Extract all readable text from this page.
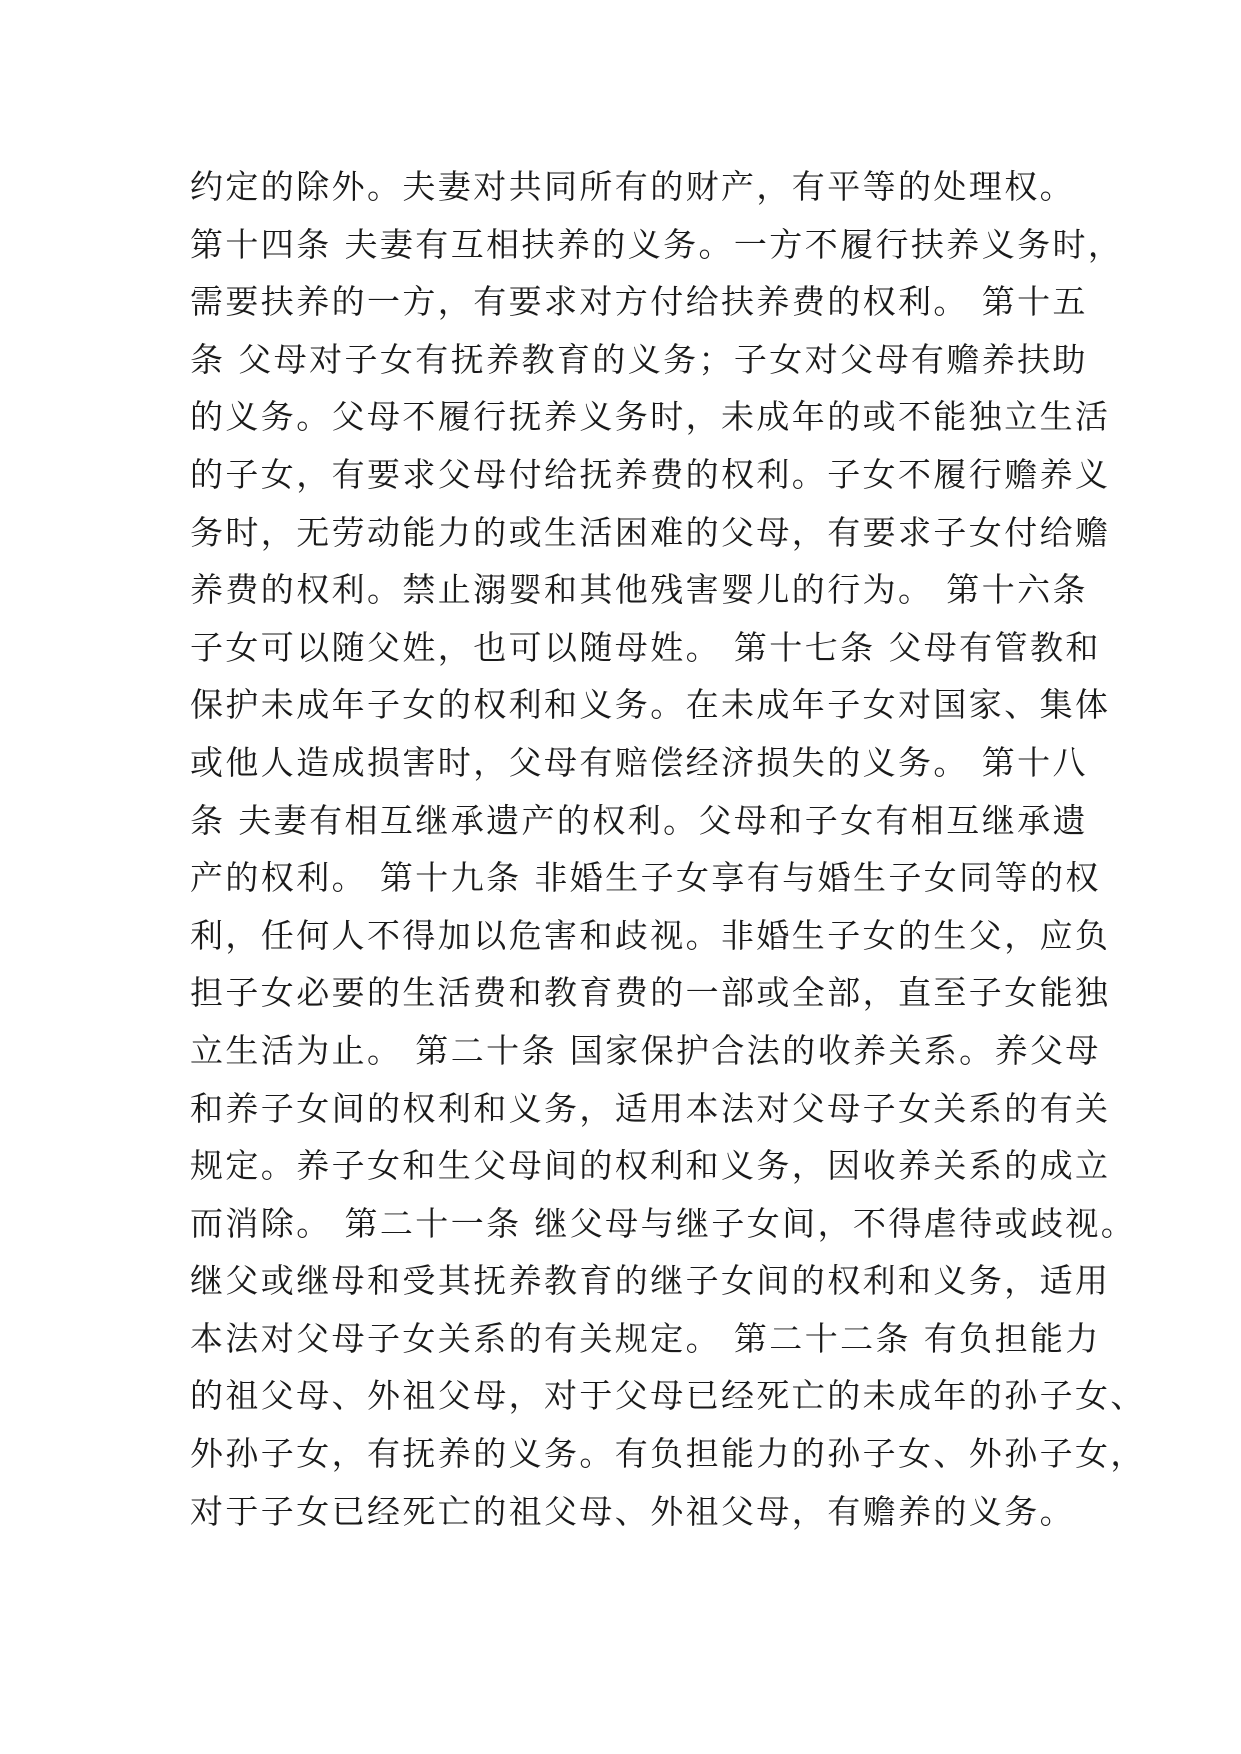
约定的除外。夫妻对共同所有的财产，有平等的处理权。
第十四条 夫妻有互相扶养的义务。一方不履行扶养义务时，
需要扶养的一方，有要求对方付给扶养费的权利。 第十五
条 父母对子女有抚养教育的义务；子女对父母有赡养扶助
的义务。父母不履行抚养义务时，未成年的或不能独立生活
的子女，有要求父母付给抚养费的权利。子女不履行赡养义
务时，无劳动能力的或生活困难的父母，有要求子女付给赡
养费的权利。禁止溺婴和其他残害婴儿的行为。 第十六条
子女可以随父姓，也可以随母姓。 第十七条 父母有管教和
保护未成年子女的权利和义务。在未成年子女对国家、集体
或他人造成损害时，父母有赔偿经济损失的义务。 第十八
条 夫妻有相互继承遗产的权利。父母和子女有相互继承遗
产的权利。 第十九条 非婚生子女享有与婚生子女同等的权
利，任何人不得加以危害和歧视。非婚生子女的生父，应负
担子女必要的生活费和教育费的一部或全部，直至子女能独
立生活为止。 第二十条 国家保护合法的收养关系。养父母
和养子女间的权利和义务，适用本法对父母子女关系的有关
规定。养子女和生父母间的权利和义务，因收养关系的成立
而消除。 第二十一条 继父母与继子女间，不得虐待或歧视。
继父或继母和受其抚养教育的继子女间的权利和义务，适用
本法对父母子女关系的有关规定。 第二十二条 有负担能力
的祖父母、外祖父母，对于父母已经死亡的未成年的孙子女、
外孙子女，有抚养的义务。有负担能力的孙子女、外孙子女，
对于子女已经死亡的祖父母、外祖父母，有赡养的义务。
